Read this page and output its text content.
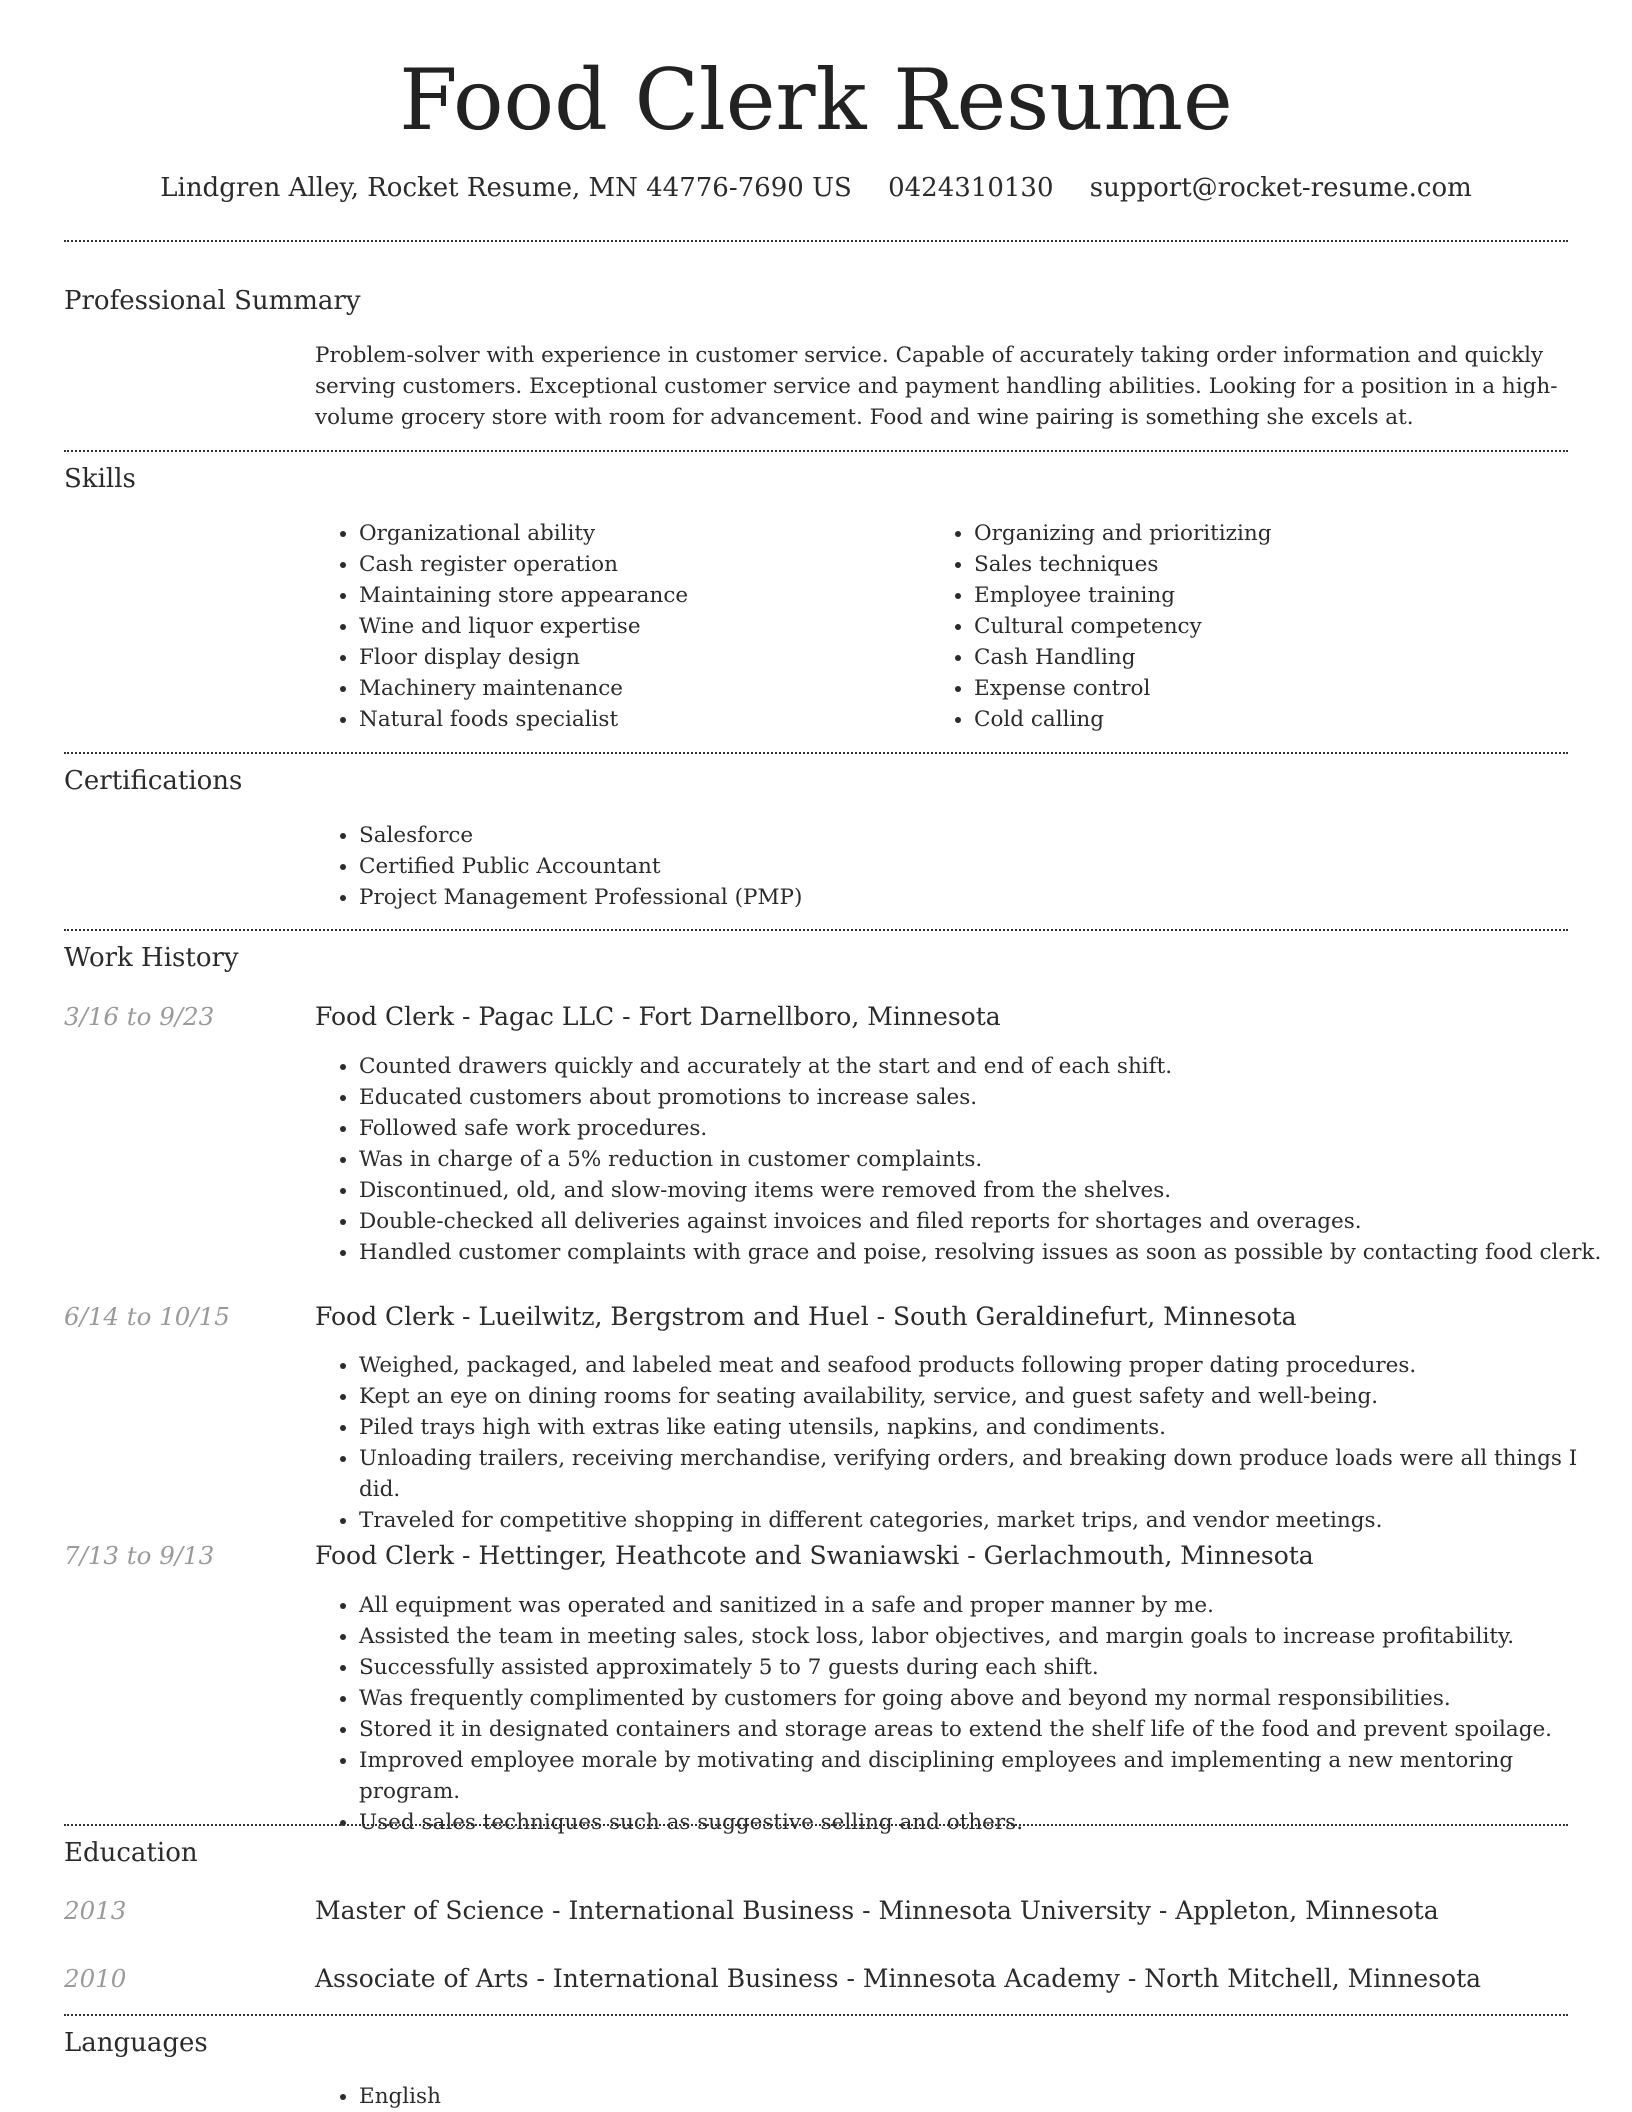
Food Clerk Resume
Lindgren Alley, Rocket Resume, MN 44776-7690 US 0424310130 support@rocket-resume.com
Professional Summary
Problem-solver with experience in customer service. Capable of accurately taking order information and quickly serving customers. Exceptional customer service and payment handling abilities. Looking for a position in a high-volume grocery store with room for advancement. Food and wine pairing is something she excels at.
Skills
• Organizational ability
• Cash register operation
• Maintaining store appearance
• Wine and liquor expertise
• Floor display design
• Machinery maintenance
• Natural foods specialist
• Organizing and prioritizing
• Sales techniques
• Employee training
• Cultural competency
• Cash Handling
• Expense control
• Cold calling
Certifications
• Salesforce
• Certified Public Accountant
• Project Management Professional (PMP)
Work History
3/16 to 9/23	Food Clerk - Pagac LLC - Fort Darnellboro, Minnesota
• Counted drawers quickly and accurately at the start and end of each shift.
• Educated customers about promotions to increase sales.
• Followed safe work procedures.
• Was in charge of a 5% reduction in customer complaints.
• Discontinued, old, and slow-moving items were removed from the shelves.
• Double-checked all deliveries against invoices and filed reports for shortages and overages.
• Handled customer complaints with grace and poise, resolving issues as soon as possible by contacting food clerk.
6/14 to 10/15	Food Clerk - Lueilwitz, Bergstrom and Huel - South Geraldinefurt, Minnesota
• Weighed, packaged, and labeled meat and seafood products following proper dating procedures.
• Kept an eye on dining rooms for seating availability, service, and guest safety and well-being.
• Piled trays high with extras like eating utensils, napkins, and condiments.
• Unloading trailers, receiving merchandise, verifying orders, and breaking down produce loads were all things I did.
• Traveled for competitive shopping in different categories, market trips, and vendor meetings.
7/13 to 9/13	Food Clerk - Hettinger, Heathcote and Swaniawski - Gerlachmouth, Minnesota
• All equipment was operated and sanitized in a safe and proper manner by me.
• Assisted the team in meeting sales, stock loss, labor objectives, and margin goals to increase profitability.
• Successfully assisted approximately 5 to 7 guests during each shift.
• Was frequently complimented by customers for going above and beyond my normal responsibilities.
• Stored it in designated containers and storage areas to extend the shelf life of the food and prevent spoilage.
• Improved employee morale by motivating and disciplining employees and implementing a new mentoring program.
• Used sales techniques such as suggestive selling and others.
Education
2013	Master of Science - International Business - Minnesota University - Appleton, Minnesota
2010	Associate of Arts - International Business - Minnesota Academy - North Mitchell, Minnesota
Languages
• English
